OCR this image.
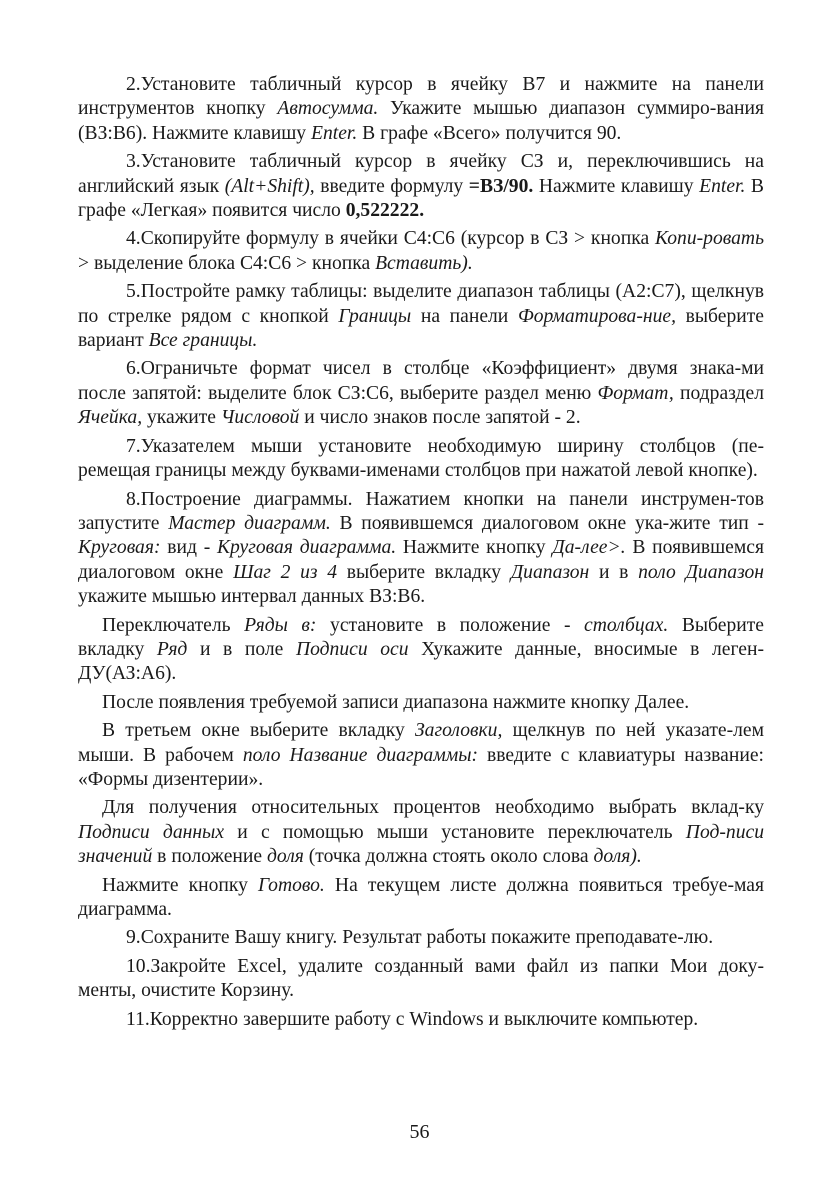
2.Установите табличный курсор в ячейку В7 и нажмите на панели инструментов кнопку Автосумма. Укажите мышью диапазон суммиро-вания (ВЗ:В6). Нажмите клавишу Enter. В графе «Всего» получится 90.

3.Установите табличный курсор в ячейку СЗ и, переключившись на английский язык (Alt+Shift), введите формулу =ВЗ/90. Нажмите клавишу Enter. В графе «Легкая» появится число 0,522222.

4.Скопируйте формулу в ячейки С4:С6 (курсор в СЗ > кнопка Копи-ровать > выделение блока С4:С6 > кнопка Вставить).

5.Постройте рамку таблицы: выделите диапазон таблицы (А2:С7), щелкнув по стрелке рядом с кнопкой Границы на панели Форматирова-ние, выберите вариант Все границы.

6.Ограничьте формат чисел в столбце «Коэффициент» двумя знака-ми после запятой: выделите блок СЗ:С6, выберите раздел меню Формат, подраздел Ячейка, укажите Числовой и число знаков после запятой - 2.

7.Указателем мыши установите необходимую ширину столбцов (пе-ремещая границы между буквами-именами столбцов при нажатой левой кнопке).

8.Построение диаграммы. Нажатием кнопки на панели инструмен-тов запустите Мастер диаграмм. В появившемся диалоговом окне ука-жите тип - Круговая: вид - Круговая диаграмма. Нажмите кнопку Да-лее>. В появившемся диалоговом окне Шаг 2 из 4 выберите вкладку Диапазон и в поло Диапазон укажите мышью интервал данных ВЗ:В6.

Переключатель Ряды в: установите в положение - столбцах. Выберите вкладку Ряд и в поле Подписи оси Хукажите данные, вносимые в леген-ДУ(АЗ:А6).

После появления требуемой записи диапазона нажмите кнопку Далее.

В третьем окне выберите вкладку Заголовки, щелкнув по ней указате-лем мыши. В рабочем поло Название диаграммы: введите с клавиатуры название: «Формы дизентерии».

Для получения относительных процентов необходимо выбрать вклад-ку Подписи данных и с помощью мыши установите переключатель Под-писи значений в положение доля (точка должна стоять около слова доля).

Нажмите кнопку Готово. На текущем листе должна появиться требуе-мая диаграмма.

9.Сохраните Вашу книгу. Результат работы покажите преподавате-лю.

10.Закройте Excel, удалите созданный вами файл из папки Мои доку-менты, очистите Корзину.

11.Корректно завершите работу с Windows и выключите компьютер.

56
